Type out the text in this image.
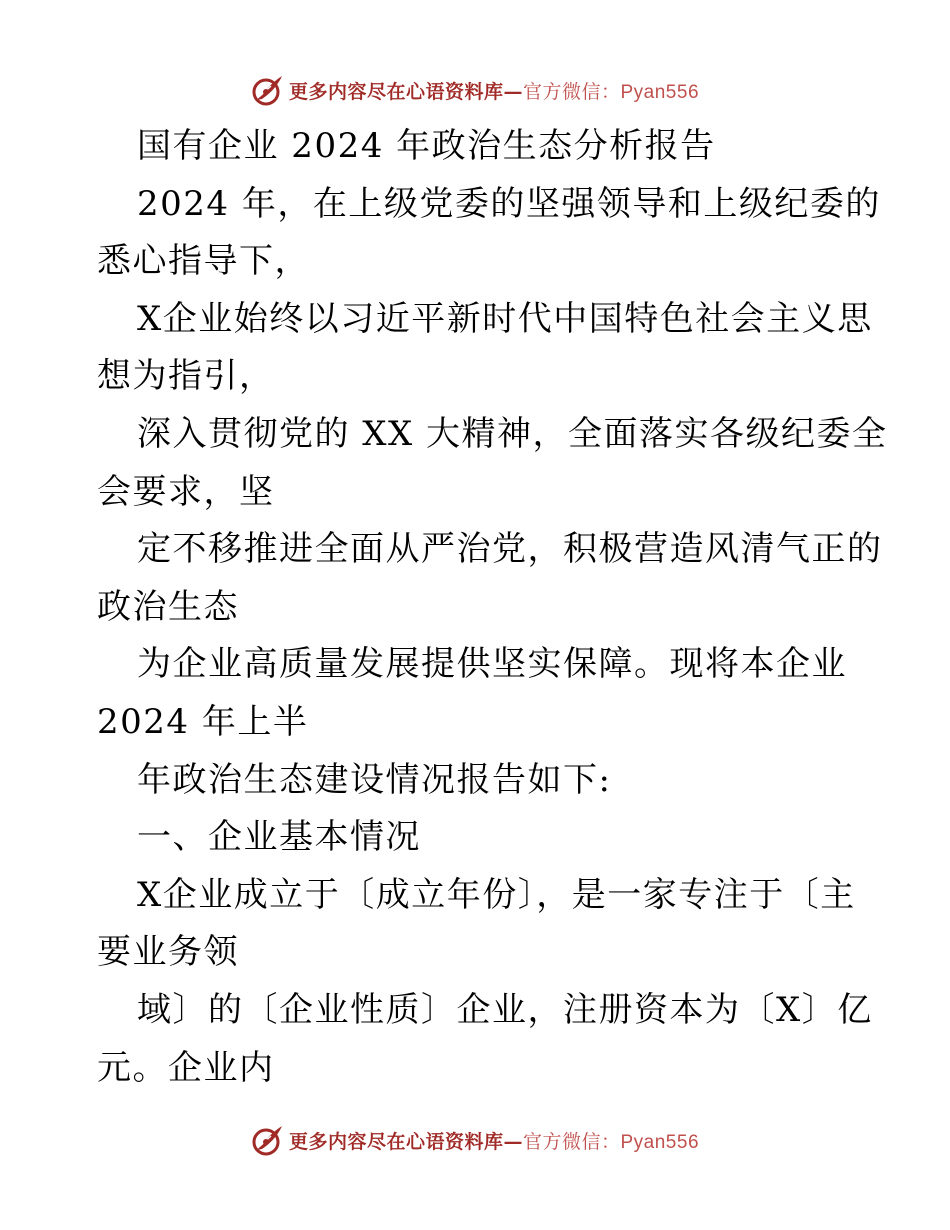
更多内容尽在心语资料库—官方微信：Pyan556
国有企业 2024 年政治生态分析报告
2024 年，在上级党委的坚强领导和上级纪委的
悉心指导下，
X企业始终以习近平新时代中国特色社会主义思
想为指引，
深入贯彻党的 XX 大精神，全面落实各级纪委全
会要求，坚
定不移推进全面从严治党，积极营造风清气正的
政治生态
为企业高质量发展提供坚实保障。现将本企业
2024 年上半
年政治生态建设情况报告如下:
一、企业基本情况
X企业成立于〔成立年份〕，是一家专注于〔主
要业务领
域〕的〔企业性质〕企业，注册资本为〔X〕亿
元。企业内
更多内容尽在心语资料库—官方微信：Pyan556
